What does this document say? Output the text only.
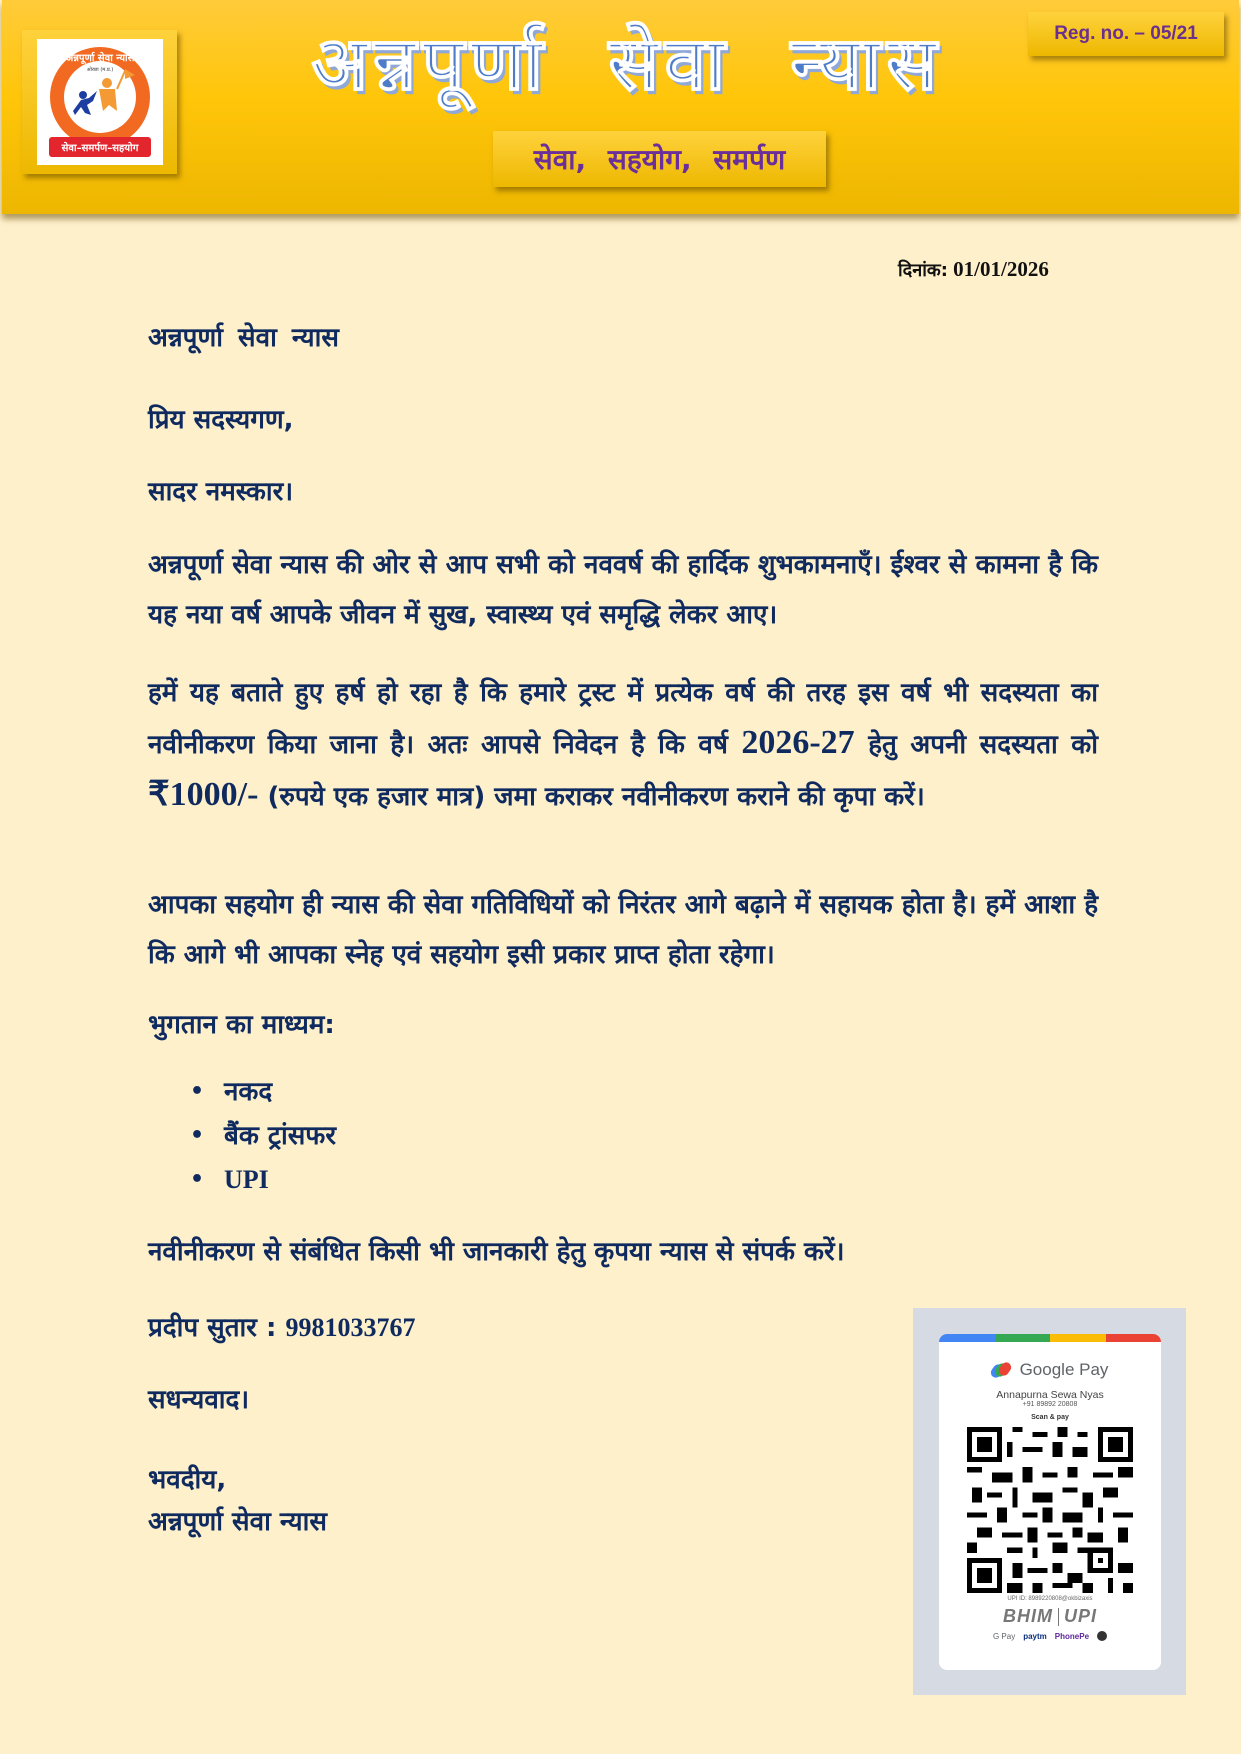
अन्नपूर्णा सेवा न्यास
ओरछा (म.प्र.)
सेवा–समर्पण–सहयोग
अन्नपूर्णा सेवा न्यास
सेवा, सहयोग, समर्पण
Reg. no. – 05/21
दिनांक: 01/01/2026
अन्नपूर्णा सेवा न्यास
प्रिय सदस्यगण,
सादर नमस्कार।
अन्नपूर्णा सेवा न्यास की ओर से आप सभी को नववर्ष की हार्दिक शुभकामनाएँ। ईश्वर से कामना है कि यह नया वर्ष आपके जीवन में सुख, स्वास्थ्य एवं समृद्धि लेकर आए।
हमें यह बताते हुए हर्ष हो रहा है कि हमारे ट्रस्ट में प्रत्येक वर्ष की तरह इस वर्ष भी सदस्यता का नवीनीकरण किया जाना है। अतः आपसे निवेदन है कि वर्ष 2026-27 हेतु अपनी सदस्यता को ₹1000/- (रुपये एक हजार मात्र) जमा कराकर नवीनीकरण कराने की कृपा करें।
आपका सहयोग ही न्यास की सेवा गतिविधियों को निरंतर आगे बढ़ाने में सहायक होता है। हमें आशा है कि आगे भी आपका स्नेह एवं सहयोग इसी प्रकार प्राप्त होता रहेगा।
भुगतान का माध्यम:
• नकद
• बैंक ट्रांसफर
• UPI
नवीनीकरण से संबंधित किसी भी जानकारी हेतु कृपया न्यास से संपर्क करें।
प्रदीप सुतार : 9981033767
सधन्यवाद।
भवदीय,
अन्नपूर्णा सेवा न्यास
Google Pay
Annapurna Sewa Nyas
+91 89892 20808
Scan & pay
UPI ID: 8989220808@okbizaxis
BHIM UPI
G Pay paytm PhonePe
